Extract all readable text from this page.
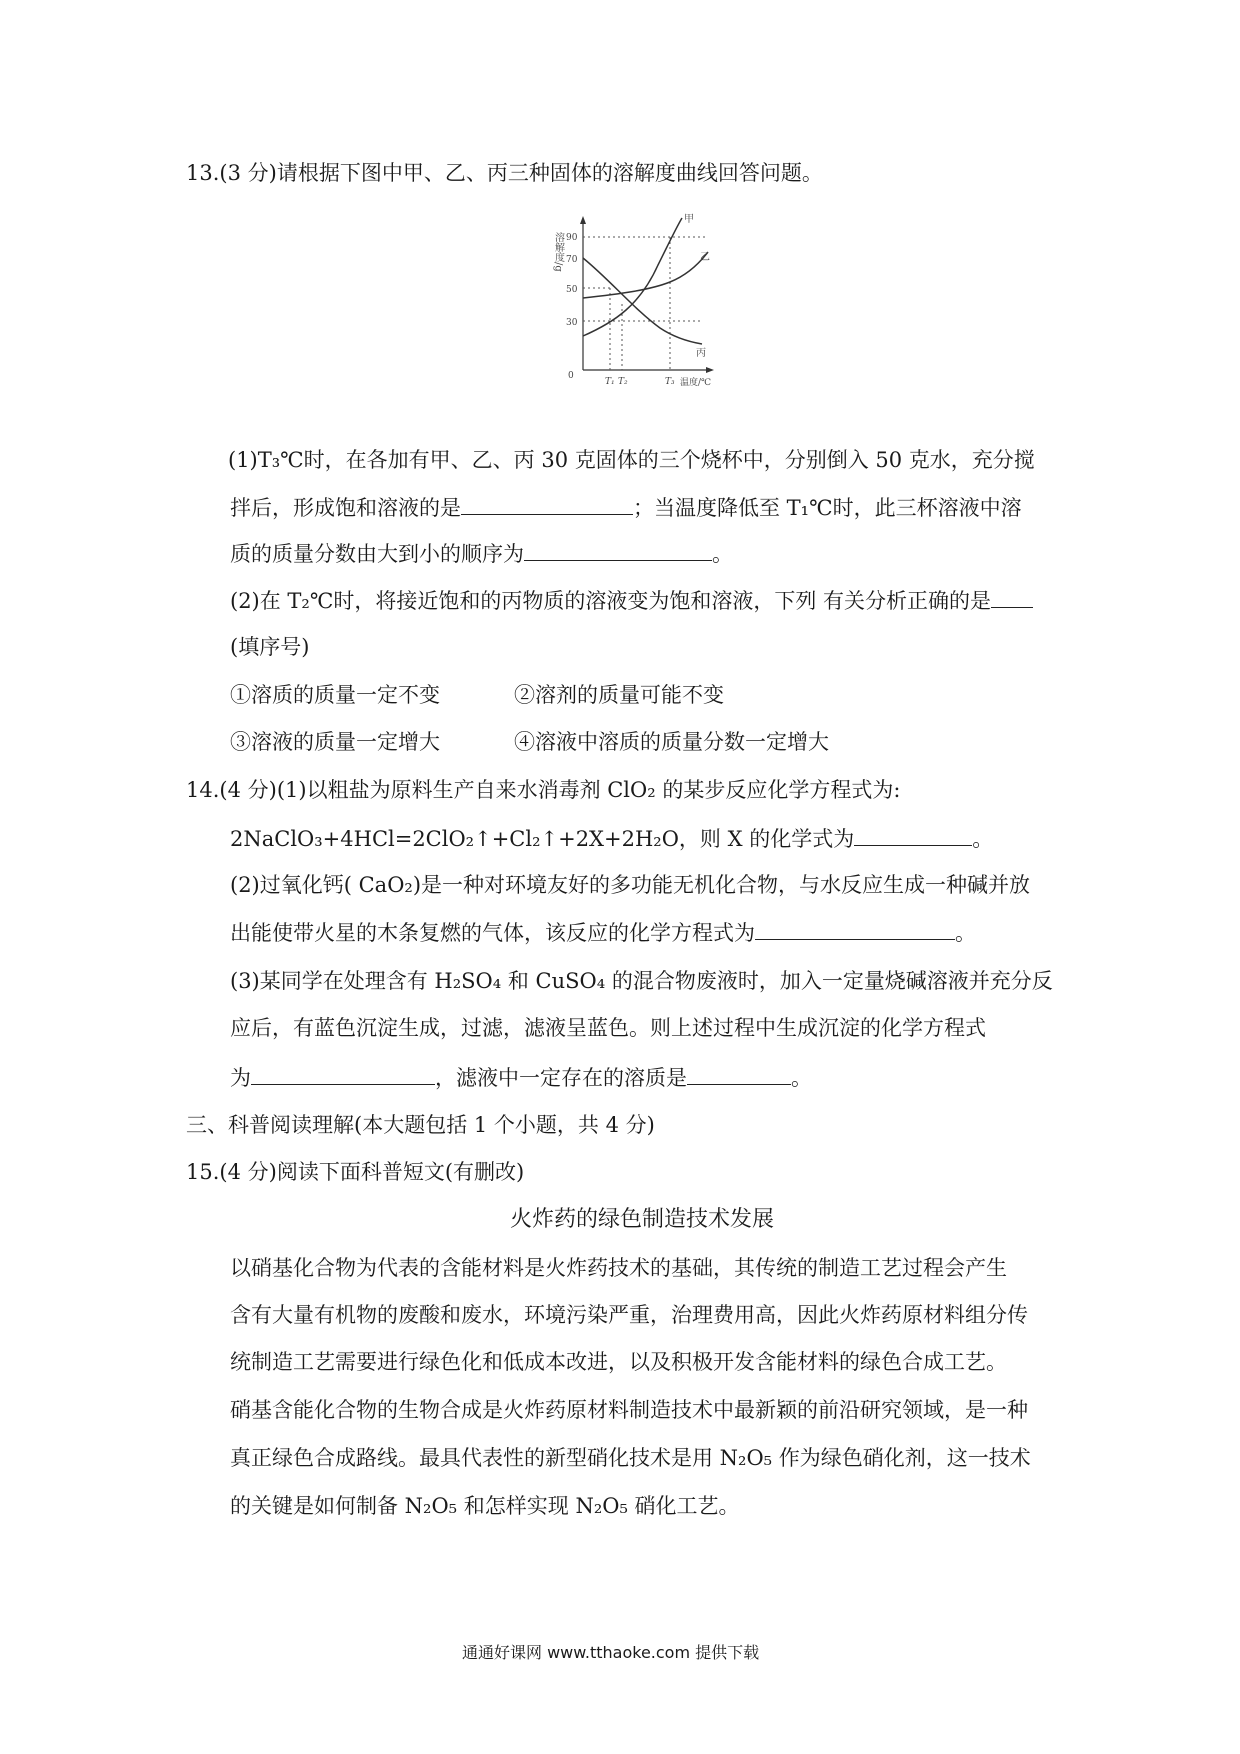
13.(3 分)请根据下图中甲、乙、丙三种固体的溶解度曲线回答问题。
溶解度/g
0
30
50
70
90
甲
乙
丙
T₁ T₂	T₃ 温度/℃
(1)T₃℃时，在各加有甲、乙、丙 30 克固体的三个烧杯中，分别倒入 50 克水，充分搅
拌后，形成饱和溶液的是	；当温度降低至 T₁℃时，此三杯溶液中溶
质的质量分数由大到小的顺序为	。
(2)在 T₂℃时，将接近饱和的丙物质的溶液变为饱和溶液，下列 有关分析正确的是
(填序号)
①溶质的质量一定不变	②溶剂的质量可能不变
③溶液的质量一定增大	④溶液中溶质的质量分数一定增大
14.(4 分)(1)以粗盐为原料生产自来水消毒剂 ClO₂ 的某步反应化学方程式为:
2NaClO₃+4HCl=2ClO₂↑+Cl₂↑+2X+2H₂O，则 X 的化学式为	。
(2)过氧化钙( CaO₂)是一种对环境友好的多功能无机化合物，与水反应生成一种碱并放
出能使带火星的木条复燃的气体，该反应的化学方程式为	。
(3)某同学在处理含有 H₂SO₄ 和 CuSO₄ 的混合物废液时，加入一定量烧碱溶液并充分反
应后，有蓝色沉淀生成，过滤，滤液呈蓝色。则上述过程中生成沉淀的化学方程式
为	，滤液中一定存在的溶质是	。
三、科普阅读理解(本大题包括 1 个小题，共 4 分)
15.(4 分)阅读下面科普短文(有删改)
火炸药的绿色制造技术发展
以硝基化合物为代表的含能材料是火炸药技术的基础，其传统的制造工艺过程会产生
含有大量有机物的废酸和废水，环境污染严重，治理费用高，因此火炸药原材料组分传
统制造工艺需要进行绿色化和低成本改进，以及积极开发含能材料的绿色合成工艺。
硝基含能化合物的生物合成是火炸药原材料制造技术中最新颖的前沿研究领域，是一种
真正绿色合成路线。最具代表性的新型硝化技术是用 N₂O₅ 作为绿色硝化剂，这一技术
的关键是如何制备 N₂O₅ 和怎样实现 N₂O₅ 硝化工艺。
通通好课网 www.tthaoke.com 提供下载
